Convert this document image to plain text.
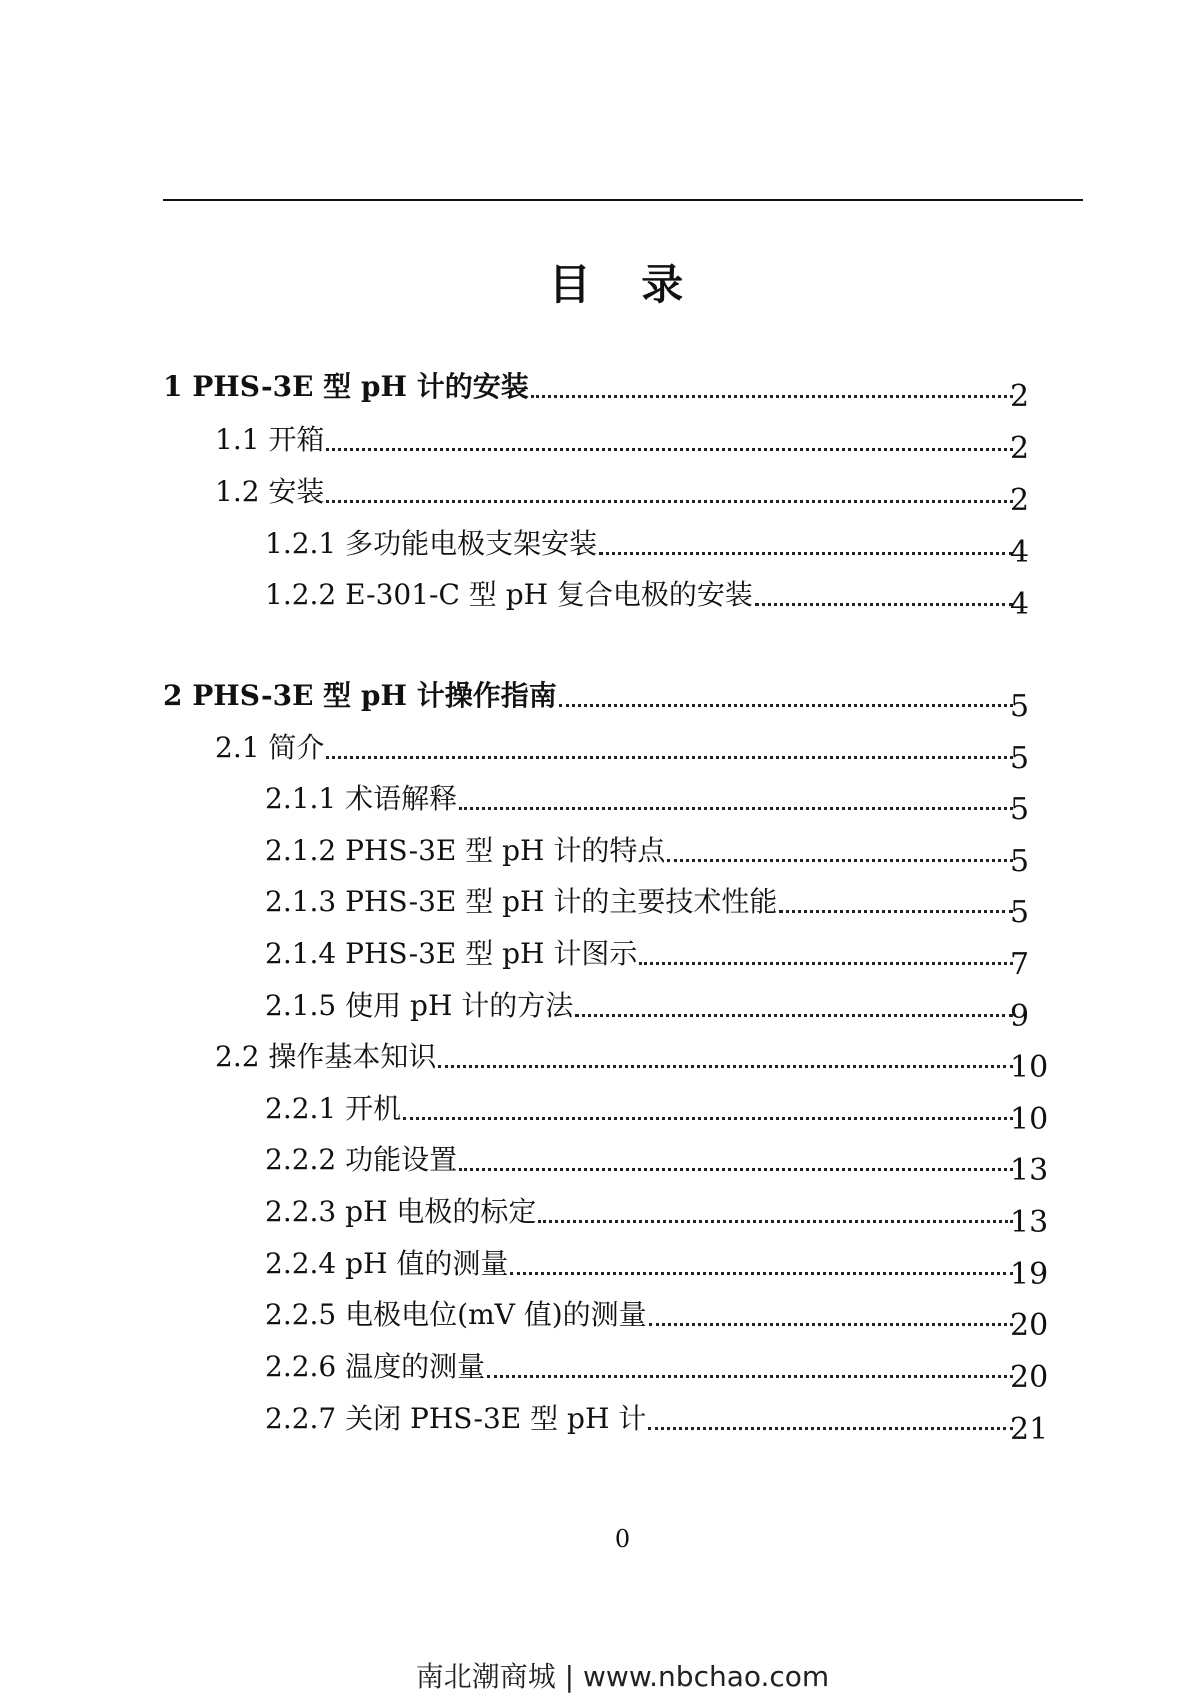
目 录
1 PHS-3E 型 pH 计的安装	2
1.1 开箱	2
1.2 安装	2
1.2.1 多功能电极支架安装	4
1.2.2 E-301-C 型 pH 复合电极的安装	4
2 PHS-3E 型 pH 计操作指南	5
2.1 简介	5
2.1.1 术语解释	5
2.1.2 PHS-3E 型 pH 计的特点	5
2.1.3 PHS-3E 型 pH 计的主要技术性能	5
2.1.4 PHS-3E 型 pH 计图示	7
2.1.5 使用 pH 计的方法	9
2.2 操作基本知识	10
2.2.1 开机	10
2.2.2 功能设置	13
2.2.3 pH 电极的标定	13
2.2.4 pH 值的测量	19
2.2.5 电极电位(mV 值)的测量	20
2.2.6 温度的测量	20
2.2.7 关闭 PHS-3E 型 pH 计	21
0
南北潮商城 | www.nbchao.com
